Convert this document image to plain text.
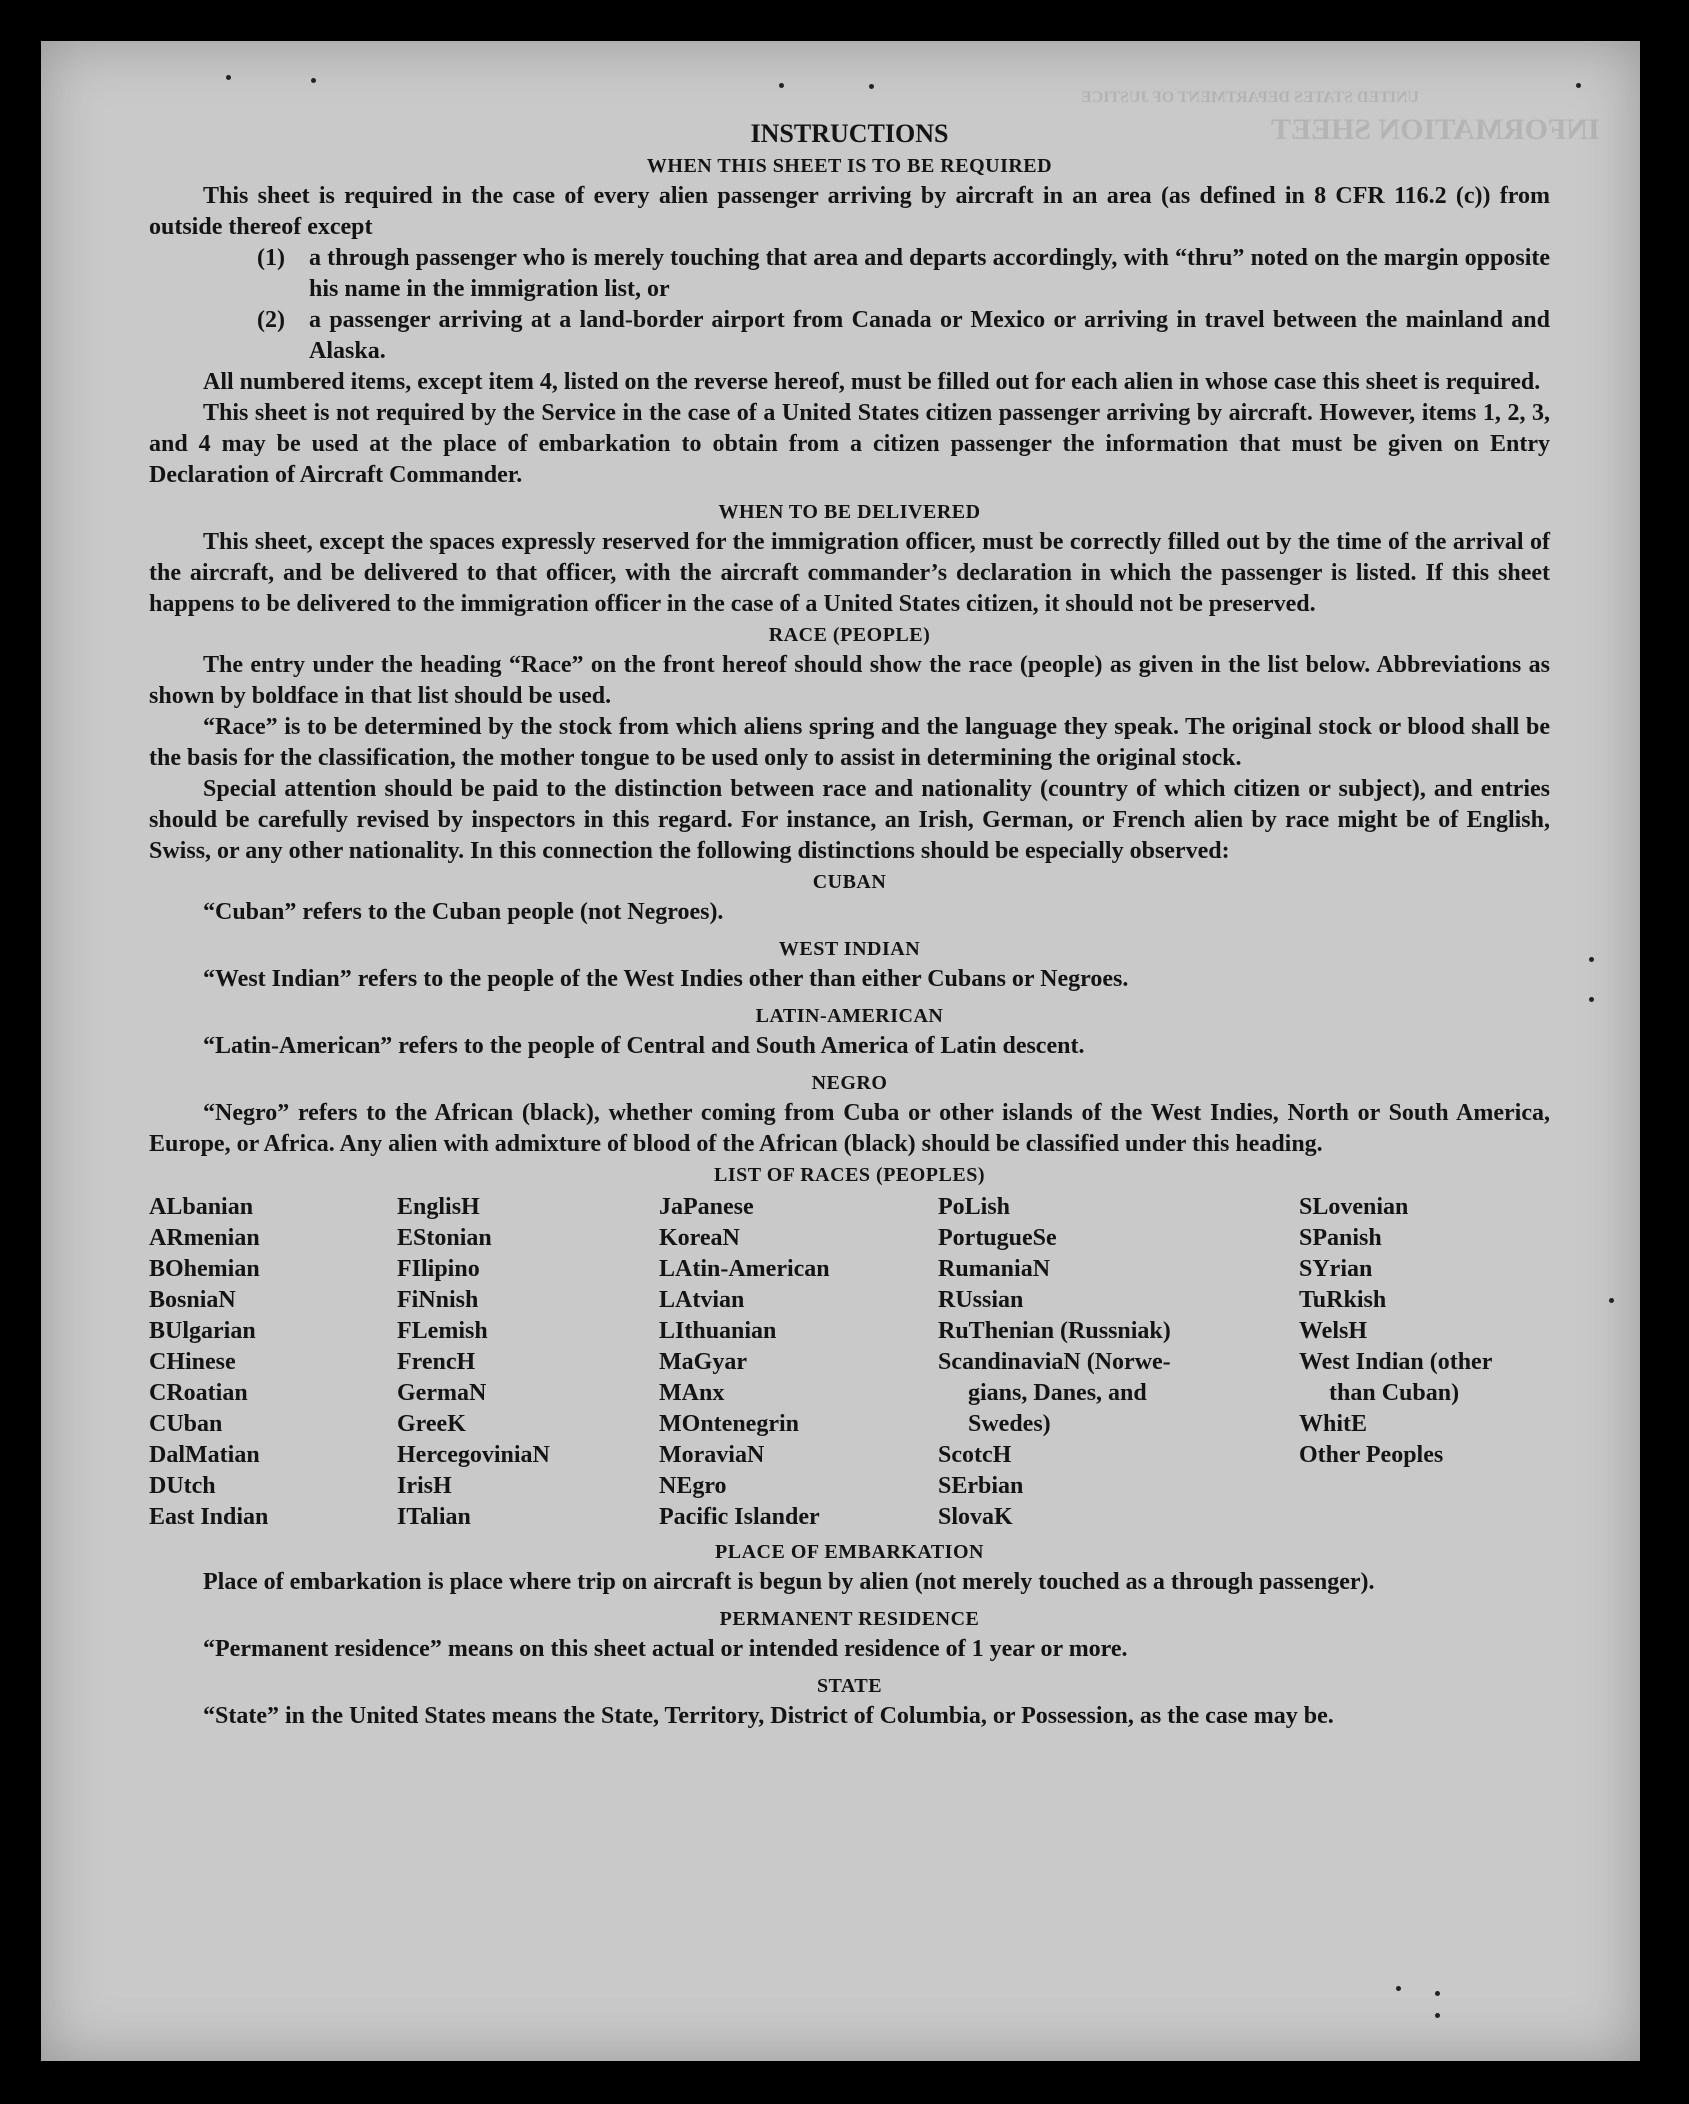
INFORMATION SHEET
UNITED STATES DEPARTMENT OF JUSTICE
INSTRUCTIONS
WHEN THIS SHEET IS TO BE REQUIRED

This sheet is required in the case of every alien passenger arriving by aircraft in an area (as defined in 8 CFR 116.2 (c)) from outside thereof except

(1)	a through passenger who is merely touching that area and departs accordingly, with “thru” noted on the margin opposite his name in the immigration list, or
(2)	a passenger arriving at a land-border airport from Canada or Mexico or arriving in travel between the mainland and Alaska.

All numbered items, except item 4, listed on the reverse hereof, must be filled out for each alien in whose case this sheet is required.

This sheet is not required by the Service in the case of a United States citizen passenger arriving by aircraft. However, items 1, 2, 3, and 4 may be used at the place of embarkation to obtain from a citizen passenger the information that must be given on Entry Declaration of Aircraft Commander.

WHEN TO BE DELIVERED

This sheet, except the spaces expressly reserved for the immigration officer, must be correctly filled out by the time of the arrival of the aircraft, and be delivered to that officer, with the aircraft commander’s declaration in which the passenger is listed. If this sheet happens to be delivered to the immigration officer in the case of a United States citizen, it should not be preserved.

RACE (PEOPLE)

The entry under the heading “Race” on the front hereof should show the race (people) as given in the list below. Abbreviations as shown by boldface in that list should be used.

“Race” is to be determined by the stock from which aliens spring and the language they speak. The original stock or blood shall be the basis for the classification, the mother tongue to be used only to assist in determining the original stock.

Special attention should be paid to the distinction between race and nationality (country of which citizen or subject), and entries should be carefully revised by inspectors in this regard. For instance, an Irish, German, or French alien by race might be of English, Swiss, or any other nationality. In this connection the following distinctions should be especially observed:

CUBAN

“Cuban” refers to the Cuban people (not Negroes).

WEST INDIAN

“West Indian” refers to the people of the West Indies other than either Cubans or Negroes.

LATIN-AMERICAN

“Latin-American” refers to the people of Central and South America of Latin descent.

NEGRO

“Negro” refers to the African (black), whether coming from Cuba or other islands of the West Indies, North or South America, Europe, or Africa. Any alien with admixture of blood of the African (black) should be classified under this heading.

LIST OF RACES (PEOPLES)
ALbanian
ARmenian
BOhemian
BosniaN
BUlgarian
CHinese
CRoatian
CUban
DalMatian
DUtch
East Indian
EnglisH
EStonian
FIlipino
FiNnish
FLemish
FrencH
GermaN
GreeK
HercegoviniaN
IrisH
ITalian
JaPanese
KoreaN
LAtin-American
LAtvian
LIthuanian
MaGyar
MAnx
MOntenegrin
MoraviaN
NEgro
Pacific Islander
PoLish
PortugueSe
RumaniaN
RUssian
RuThenian (Russniak)
ScandinaviaN (Norwe-
gians, Danes, and
Swedes)
ScotcH
SErbian
SlovaK
SLovenian
SPanish
SYrian
TuRkish
WelsH
West Indian (other
than Cuban)
WhitE
Other Peoples
PLACE OF EMBARKATION

Place of embarkation is place where trip on aircraft is begun by alien (not merely touched as a through passenger).

PERMANENT RESIDENCE

“Permanent residence” means on this sheet actual or intended residence of 1 year or more.

STATE

“State” in the United States means the State, Territory, District of Columbia, or Possession, as the case may be.
